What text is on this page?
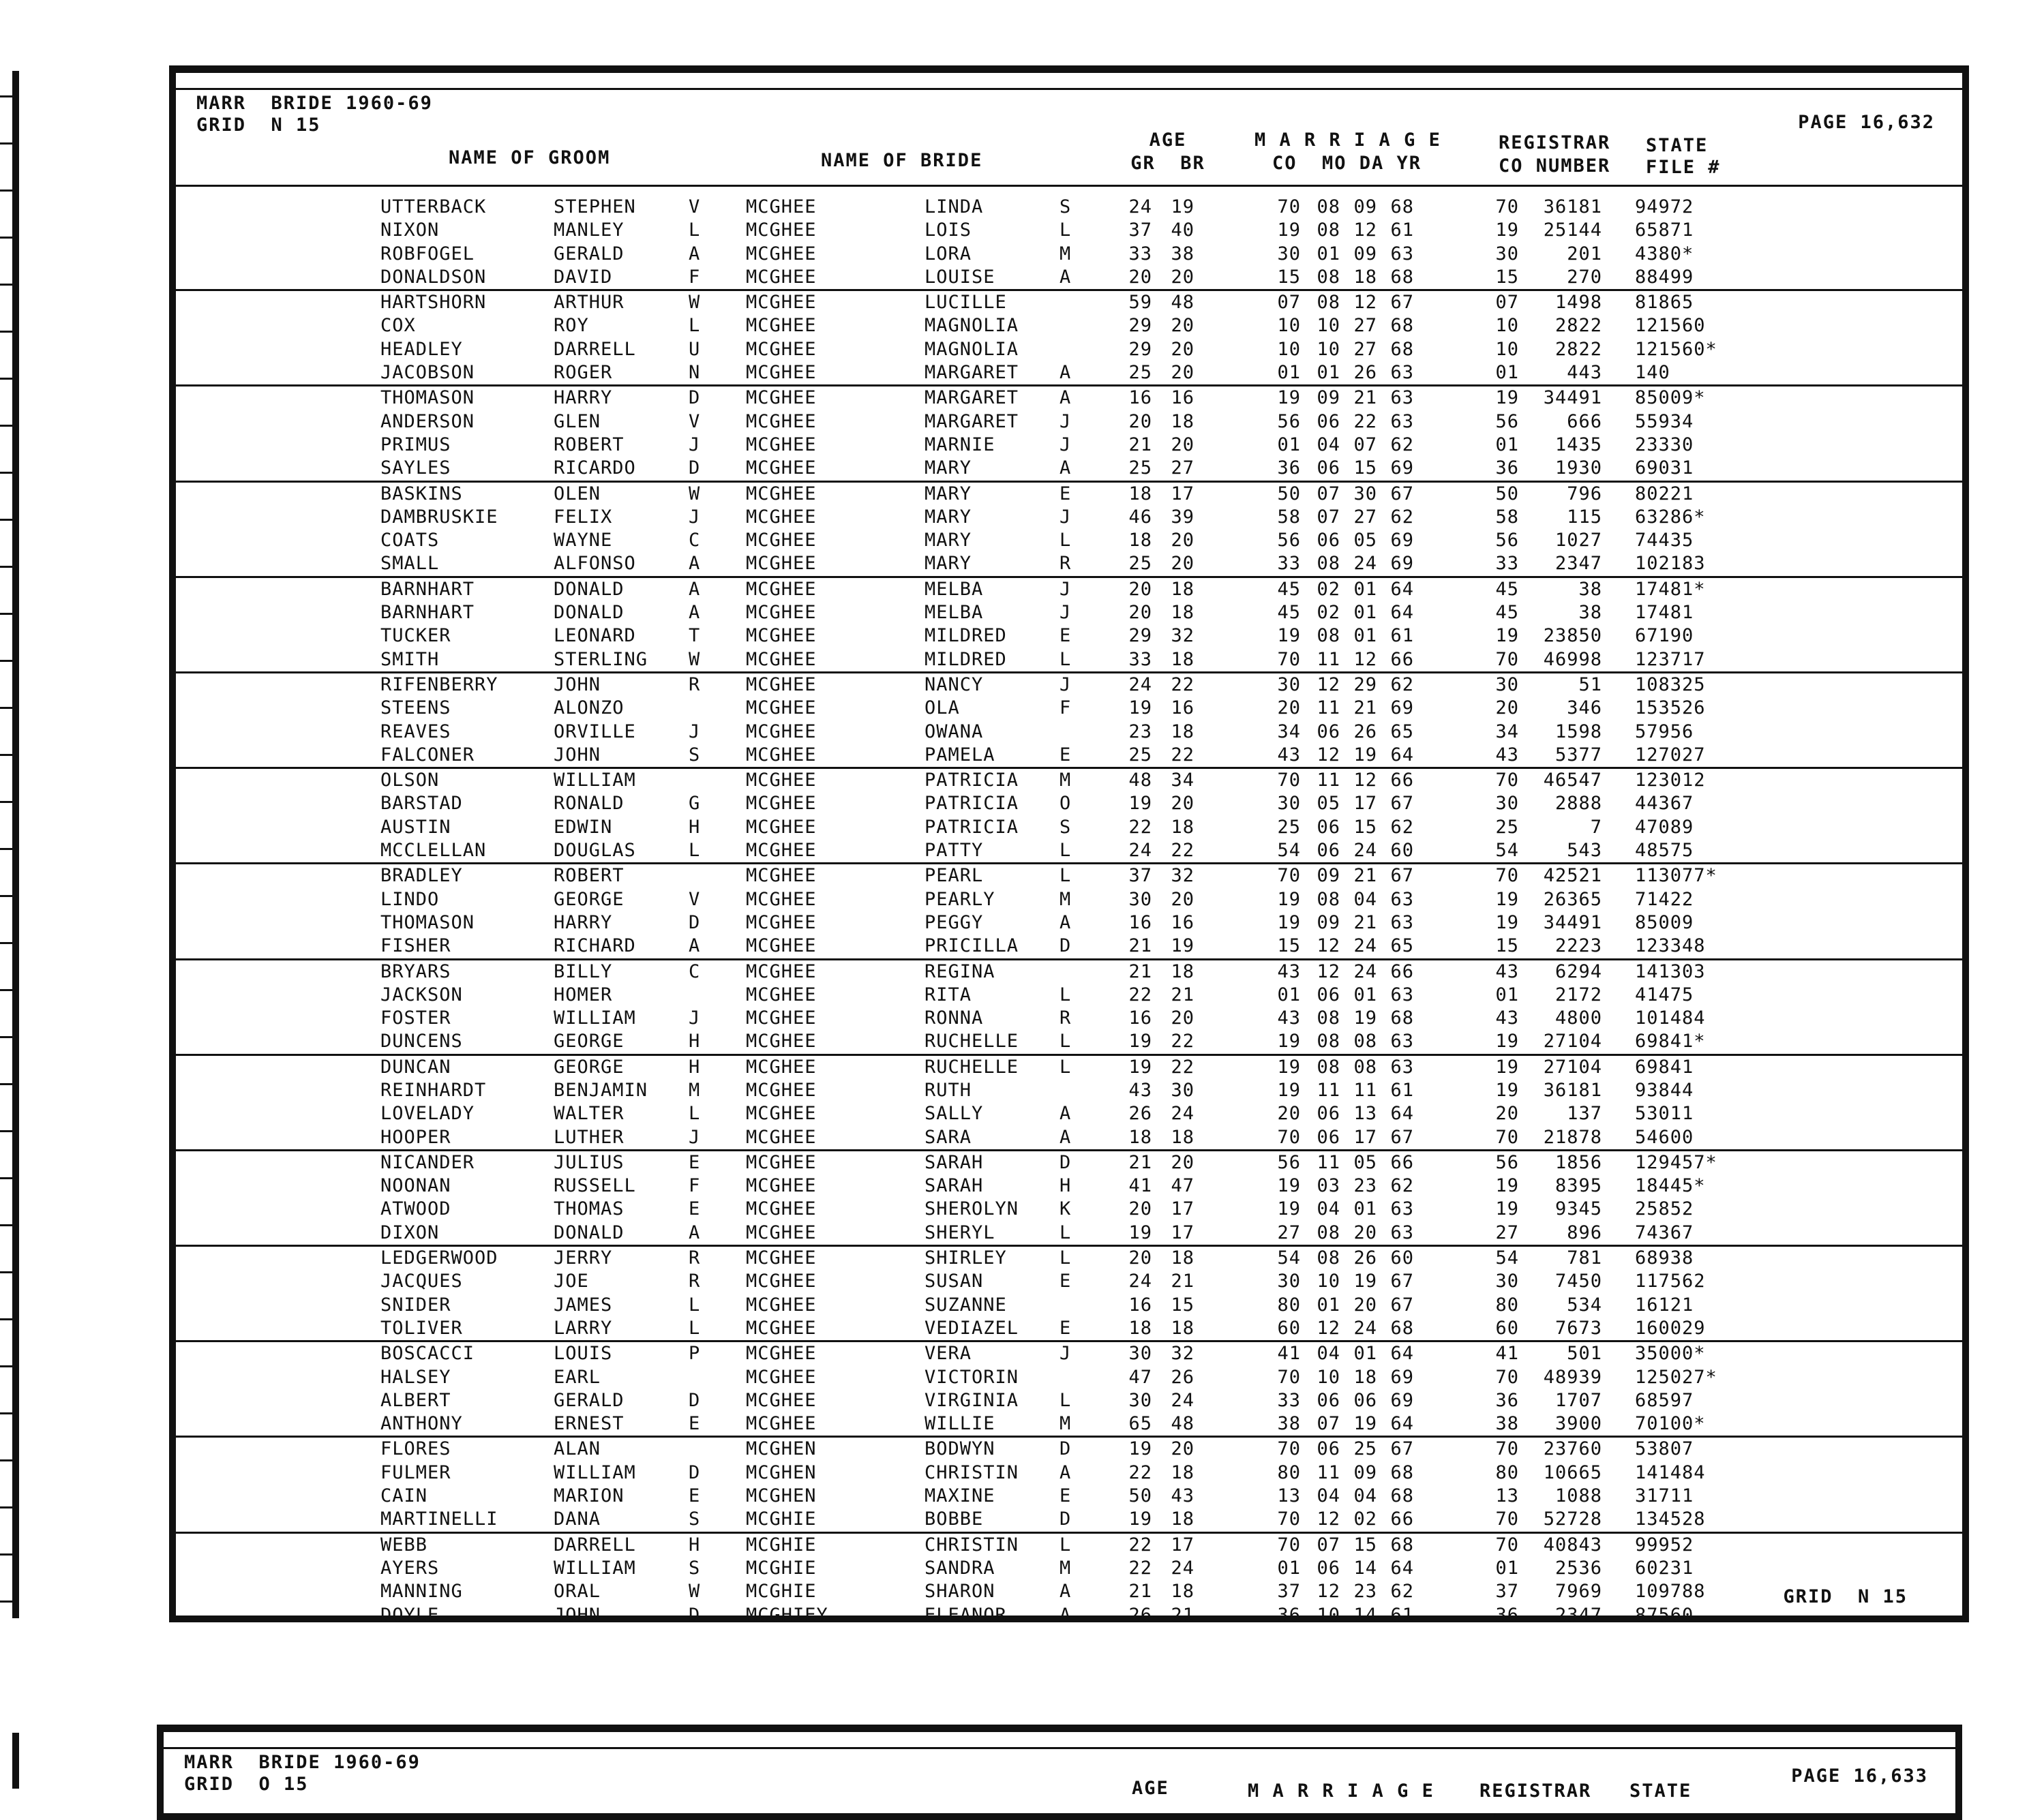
MARR  BRIDE 1960-69
GRID  N 15	PAGE 16,632
NAME OF GROOM	NAME OF BRIDE
AGE
GR  BR
M A R R I A G E
CO  MO DA YR
REGISTRAR
CO NUMBER
STATE
FILE #
UTTERBACK	STEPHEN	V MCGHEE	LINDA	S	24	19	70 08 09 68	70	36181 94972
NIXON	MANLEY	L MCGHEE	LOIS	L	37	40	19 08 12 61	19	25144 65871
ROBFOGEL	GERALD	A MCGHEE	LORA	M	33	38	30 01 09 63	30	201 4380*
DONALDSON	DAVID	F MCGHEE	LOUISE	A	20	20	15 08 18 68	15	270 88499
HARTSHORN	ARTHUR	W MCGHEE	LUCILLE	59	48	07 08 12 67	07	1498 81865
COX	ROY	L MCGHEE	MAGNOLIA	29	20	10 10 27 68	10	2822 121560
HEADLEY	DARRELL	U MCGHEE	MAGNOLIA	29	20	10 10 27 68	10	2822 121560*
JACOBSON	ROGER	N MCGHEE	MARGARET A	25	20	01 01 26 63	01	443 140
THOMASON	HARRY	D MCGHEE	MARGARET A	16	16	19 09 21 63	19	34491 85009*
ANDERSON	GLEN	V MCGHEE	MARGARET J	20	18	56 06 22 63	56	666 55934
PRIMUS	ROBERT	J MCGHEE	MARNIE	J	21	20	01 04 07 62	01	1435 23330
SAYLES	RICARDO	D MCGHEE	MARY	A	25	27	36 06 15 69	36	1930 69031
BASKINS	OLEN	W MCGHEE	MARY	E	18	17	50 07 30 67	50	796 80221
DAMBRUSKIE	FELIX	J MCGHEE	MARY	J	46	39	58 07 27 62	58	115 63286*
COATS	WAYNE	C MCGHEE	MARY	L	18	20	56 06 05 69	56	1027 74435
SMALL	ALFONSO	A MCGHEE	MARY	R	25	20	33 08 24 69	33	2347 102183
BARNHART	DONALD	A MCGHEE	MELBA	J	20	18	45 02 01 64	45	38 17481*
BARNHART	DONALD	A MCGHEE	MELBA	J	20	18	45 02 01 64	45	38 17481
TUCKER	LEONARD	T MCGHEE	MILDRED	E	29	32	19 08 01 61	19	23850 67190
SMITH	STERLING W MCGHEE	MILDRED	L	33	18	70 11 12 66	70	46998 123717
RIFENBERRY	JOHN	R MCGHEE	NANCY	J	24	22	30 12 29 62	30	51 108325
STEENS	ALONZO	MCGHEE	OLA	F	19	16	20 11 21 69	20	346 153526
REAVES	ORVILLE	J MCGHEE	OWANA	23	18	34 06 26 65	34	1598 57956
FALCONER	JOHN	S MCGHEE	PAMELA	E	25	22	43 12 19 64	43	5377 127027
OLSON	WILLIAM	MCGHEE	PATRICIA M	48	34	70 11 12 66	70	46547 123012
BARSTAD	RONALD	G MCGHEE	PATRICIA O	19	20	30 05 17 67	30	2888 44367
AUSTIN	EDWIN	H MCGHEE	PATRICIA S	22	18	25 06 15 62	25	7 47089
MCCLELLAN	DOUGLAS	L MCGHEE	PATTY	L	24	22	54 06 24 60	54	543 48575
BRADLEY	ROBERT	MCGHEE	PEARL	L	37	32	70 09 21 67	70	42521 113077*
LINDO	GEORGE	V MCGHEE	PEARLY	M	30	20	19 08 04 63	19	26365 71422
THOMASON	HARRY	D MCGHEE	PEGGY	A	16	16	19 09 21 63	19	34491 85009
FISHER	RICHARD	A MCGHEE	PRICILLA D	21	19	15 12 24 65	15	2223 123348
BRYARS	BILLY	C MCGHEE	REGINA	21	18	43 12 24 66	43	6294 141303
JACKSON	HOMER	MCGHEE	RITA	L	22	21	01 06 01 63	01	2172 41475
FOSTER	WILLIAM	J MCGHEE	RONNA	R	16	20	43 08 19 68	43	4800 101484
DUNCENS	GEORGE	H MCGHEE	RUCHELLE L	19	22	19 08 08 63	19	27104 69841*
DUNCAN	GEORGE	H MCGHEE	RUCHELLE L	19	22	19 08 08 63	19	27104 69841
REINHARDT	BENJAMIN M MCGHEE	RUTH	43	30	19 11 11 61	19	36181 93844
LOVELADY	WALTER	L MCGHEE	SALLY	A	26	24	20 06 13 64	20	137 53011
HOOPER	LUTHER	J MCGHEE	SARA	A	18	18	70 06 17 67	70	21878 54600
NICANDER	JULIUS	E MCGHEE	SARAH	D	21	20	56 11 05 66	56	1856 129457*
NOONAN	RUSSELL	F MCGHEE	SARAH	H	41	47	19 03 23 62	19	8395 18445*
ATWOOD	THOMAS	E MCGHEE	SHEROLYN K	20	17	19 04 01 63	19	9345 25852
DIXON	DONALD	A MCGHEE	SHERYL	L	19	17	27 08 20 63	27	896 74367
LEDGERWOOD	JERRY	R MCGHEE	SHIRLEY	L	20	18	54 08 26 60	54	781 68938
JACQUES	JOE	R MCGHEE	SUSAN	E	24	21	30 10 19 67	30	7450 117562
SNIDER	JAMES	L MCGHEE	SUZANNE	16	15	80 01 20 67	80	534 16121
TOLIVER	LARRY	L MCGHEE	VEDIAZEL E	18	18	60 12 24 68	60	7673 160029
BOSCACCI	LOUIS	P MCGHEE	VERA	J	30	32	41 04 01 64	41	501 35000*
HALSEY	EARL	MCGHEE	VICTORIN	47	26	70 10 18 69	70	48939 125027*
ALBERT	GERALD	D MCGHEE	VIRGINIA L	30	24	33 06 06 69	36	1707 68597
ANTHONY	ERNEST	E MCGHEE	WILLIE	M	65	48	38 07 19 64	38	3900 70100*
FLORES	ALAN	MCGHEN	BODWYN	D	19	20	70 06 25 67	70	23760 53807
FULMER	WILLIAM	D MCGHEN	CHRISTIN A	22	18	80 11 09 68	80	10665 141484
CAIN	MARION	E MCGHEN	MAXINE	E	50	43	13 04 04 68	13	1088 31711
MARTINELLI	DANA	S MCGHIE	BOBBE	D	19	18	70 12 02 66	70	52728 134528
WEBB	DARRELL	H MCGHIE	CHRISTIN L	22	17	70 07 15 68	70	40843 99952
AYERS	WILLIAM	S MCGHIE	SANDRA	M	22	24	01 06 14 64	01	2536 60231
MANNING	ORAL	W MCGHIE	SHARON	A	21	18	37 12 23 62	37	7969 109788
DOYLE	JOHN	D MCGHIEY	ELEANOR	A	26	21	36 10 14 61	36	2347 87560
GRID  N 15
MARR  BRIDE 1960-69
GRID  O 15	PAGE 16,633
AGE	M A R R I A G E REGISTRAR STATE
